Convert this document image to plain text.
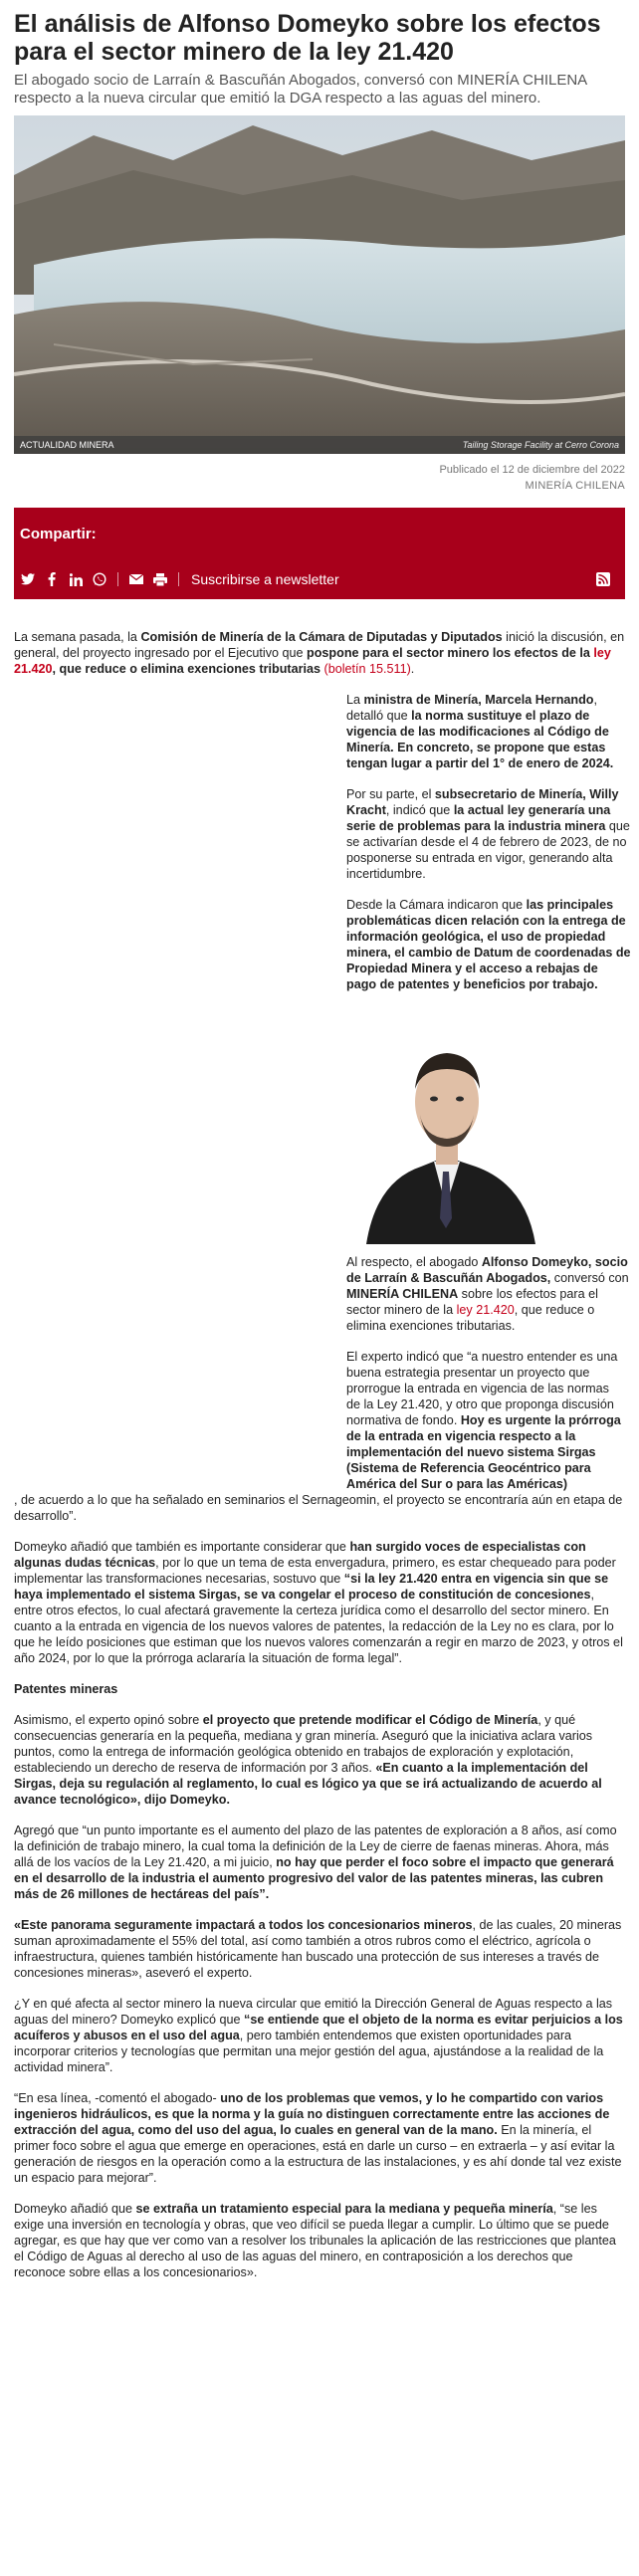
El análisis de Alfonso Domeyko sobre los efectos para el sector minero de la ley 21.420
El abogado socio de Larraín & Bascuñán Abogados, conversó con MINERÍA CHILENA respecto a la nueva circular que emitió la DGA respecto a las aguas del minero.
ACTUALIDAD MINERA	Tailing Storage Facility at Cerro Corona
Publicado el 12 de diciembre del 2022
MINERÍA CHILENA
Compartir:
Suscribirse a newsletter

La semana pasada, la Comisión de Minería de la Cámara de Diputadas y Diputados inició la discusión, en general, del proyecto ingresado por el Ejecutivo que pospone para el sector minero los efectos de la ley 21.420, que reduce o elimina exenciones tributarias (boletín 15.511).

La ministra de Minería, Marcela Hernando, detalló que la norma sustituye el plazo de vigencia de las modificaciones al Código de Minería. En concreto, se propone que estas tengan lugar a partir del 1° de enero de 2024.

Por su parte, el subsecretario de Minería, Willy Kracht, indicó que la actual ley generaría una serie de problemas para la industria minera que se activarían desde el 4 de febrero de 2023, de no posponerse su entrada en vigor, generando alta incertidumbre.

Desde la Cámara indicaron que las principales problemáticas dicen relación con la entrega de información geológica, el uso de propiedad minera, el cambio de Datum de coordenadas de Propiedad Minera y el acceso a rebajas de pago de patentes y beneficios por trabajo.

Al respecto, el abogado Alfonso Domeyko, socio de Larraín & Bascuñán Abogados, conversó con MINERÍA CHILENA sobre los efectos para el sector minero de la ley 21.420, que reduce o elimina exenciones tributarias.

El experto indicó que “a nuestro entender es una buena estrategia presentar un proyecto que prorrogue la entrada en vigencia de las normas de la Ley 21.420, y otro que proponga discusión normativa de fondo. Hoy es urgente la prórroga de la entrada en vigencia respecto a la implementación del nuevo sistema Sirgas (Sistema de Referencia Geocéntrico para América del Sur o para las Américas)

, de acuerdo a lo que ha señalado en seminarios el Sernageomin, el proyecto se encontraría aún en etapa de desarrollo”.

Domeyko añadió que también es importante considerar que han surgido voces de especialistas con algunas dudas técnicas, por lo que un tema de esta envergadura, primero, es estar chequeado para poder implementar las transformaciones necesarias, sostuvo que “si la ley 21.420 entra en vigencia sin que se haya implementado el sistema Sirgas, se va congelar el proceso de constitución de concesiones, entre otros efectos, lo cual afectará gravemente la certeza jurídica como el desarrollo del sector minero. En cuanto a la entrada en vigencia de los nuevos valores de patentes, la redacción de la Ley no es clara, por lo que he leído posiciones que estiman que los nuevos valores comenzarán a regir en marzo de 2023, y otros el año 2024, por lo que la prórroga aclararía la situación de forma legal”.

Patentes mineras

Asimismo, el experto opinó sobre el proyecto que pretende modificar el Código de Minería, y qué consecuencias generaría en la pequeña, mediana y gran minería. Aseguró que la iniciativa aclara varios puntos, como la entrega de información geológica obtenido en trabajos de exploración y explotación, estableciendo un derecho de reserva de información por 3 años. «En cuanto a la implementación del Sirgas, deja su regulación al reglamento, lo cual es lógico ya que se irá actualizando de acuerdo al avance tecnológico», dijo Domeyko.

Agregó que “un punto importante es el aumento del plazo de las patentes de exploración a 8 años, así como la definición de trabajo minero, la cual toma la definición de la Ley de cierre de faenas mineras. Ahora, más allá de los vacíos de la Ley 21.420, a mi juicio, no hay que perder el foco sobre el impacto que generará en el desarrollo de la industria el aumento progresivo del valor de las patentes mineras, las cubren más de 26 millones de hectáreas del país”.

«Este panorama seguramente impactará a todos los concesionarios mineros, de las cuales, 20 mineras suman aproximadamente el 55% del total, así como también a otros rubros como el eléctrico, agrícola o infraestructura, quienes también históricamente han buscado una protección de sus intereses a través de concesiones mineras», aseveró el experto.

¿Y en qué afecta al sector minero la nueva circular que emitió la Dirección General de Aguas respecto a las aguas del minero? Domeyko explicó que “se entiende que el objeto de la norma es evitar perjuicios a los acuíferos y abusos en el uso del agua, pero también entendemos que existen oportunidades para incorporar criterios y tecnologías que permitan una mejor gestión del agua, ajustándose a la realidad de la actividad minera”.

“En esa línea, -comentó el abogado- uno de los problemas que vemos, y lo he compartido con varios ingenieros hidráulicos, es que la norma y la guía no distinguen correctamente entre las acciones de extracción del agua, como del uso del agua, lo cuales en general van de la mano. En la minería, el primer foco sobre el agua que emerge en operaciones, está en darle un curso – en extraerla – y así evitar la generación de riesgos en la operación como a la estructura de las instalaciones, y es ahí donde tal vez existe un espacio para mejorar”.

Domeyko añadió que se extraña un tratamiento especial para la mediana y pequeña minería, “se les exige una inversión en tecnología y obras, que veo difícil se pueda llegar a cumplir. Lo último que se puede agregar, es que hay que ver como van a resolver los tribunales la aplicación de las restricciones que plantea el Código de Aguas al derecho al uso de las aguas del minero, en contraposición a los derechos que reconoce sobre ellas a los concesionarios».
